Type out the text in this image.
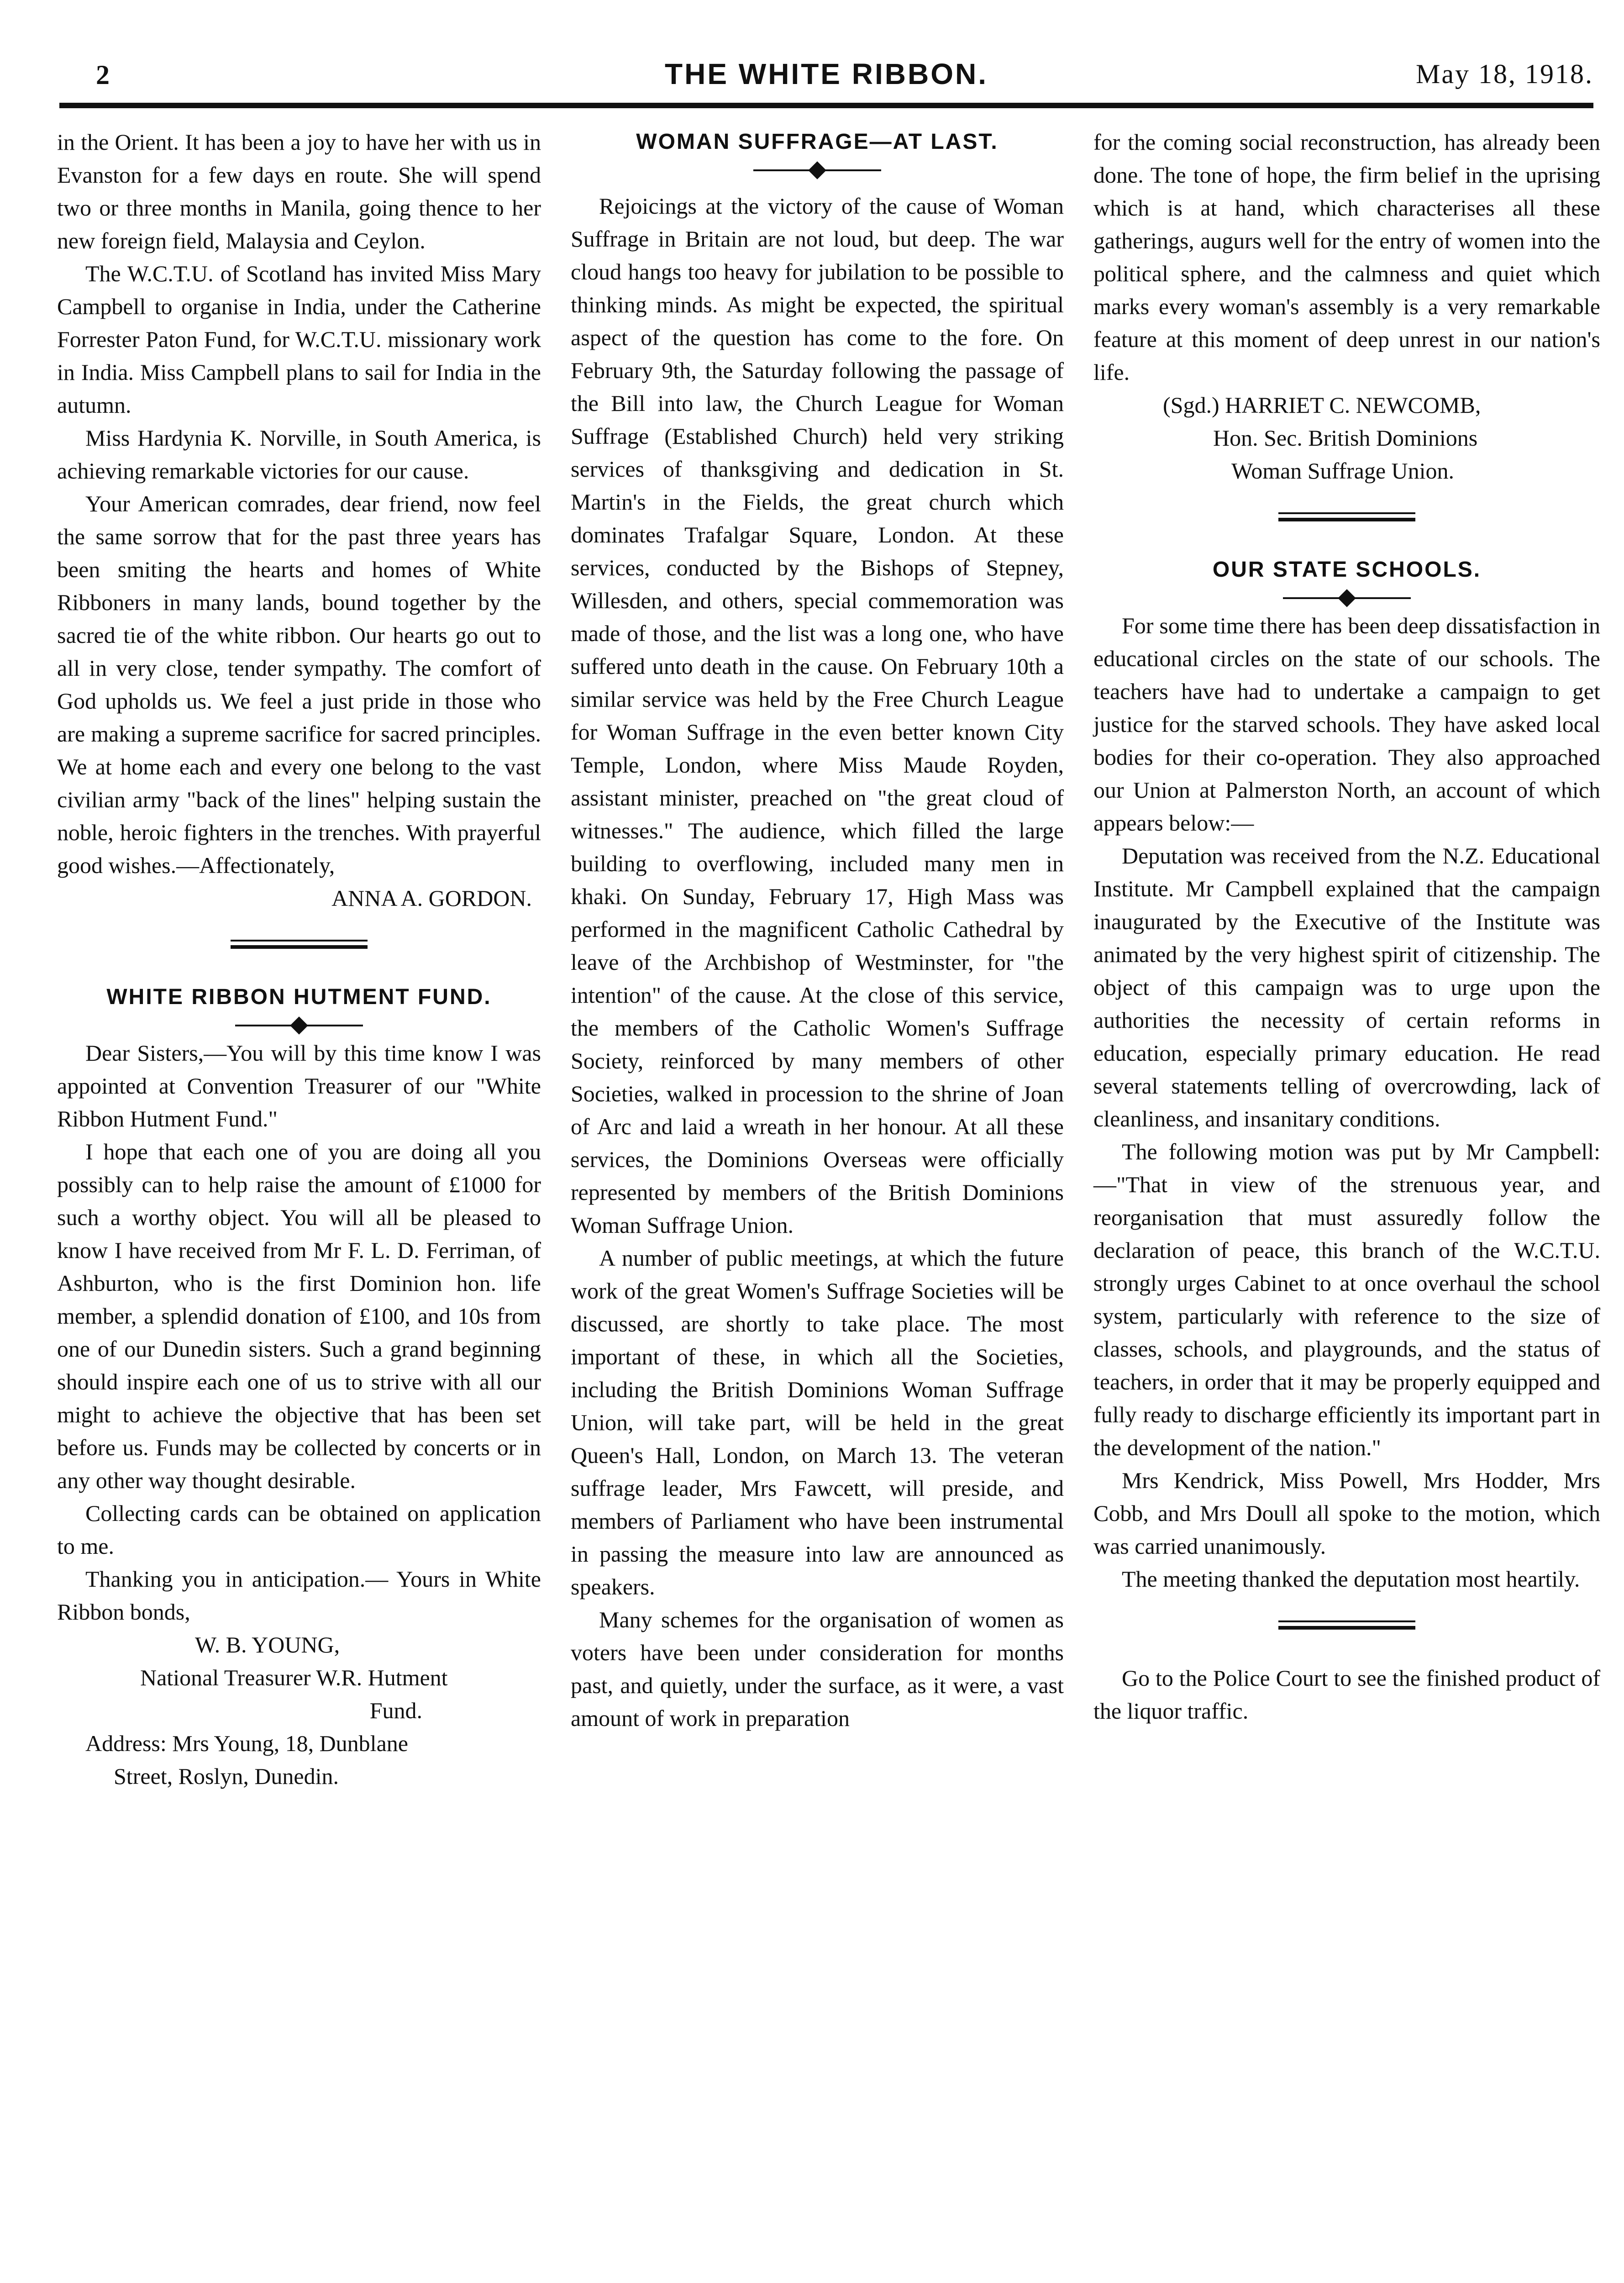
2	THE WHITE RIBBON.	May 18, 1918.

in the Orient. It has been a joy to have her with us in Evanston for a few days en route. She will spend two or three months in Manila, going thence to her new foreign field, Malaysia and Ceylon.

The W.C.T.U. of Scotland has invited Miss Mary Campbell to organise in India, under the Catherine Forrester Paton Fund, for W.C.T.U. missionary work in India. Miss Campbell plans to sail for India in the autumn.

Miss Hardynia K. Norville, in South America, is achieving remarkable victories for our cause.

Your American comrades, dear friend, now feel the same sorrow that for the past three years has been smiting the hearts and homes of White Ribboners in many lands, bound together by the sacred tie of the white ribbon. Our hearts go out to all in very close, tender sympathy. The comfort of God upholds us. We feel a just pride in those who are making a supreme sacrifice for sacred principles. We at home each and every one belong to the vast civilian army "back of the lines" helping sustain the noble, heroic fighters in the trenches. With prayerful good wishes.—Affectionately,

ANNA A. GORDON.

WHITE RIBBON HUTMENT FUND.

Dear Sisters,—You will by this time know I was appointed at Convention Treasurer of our "White Ribbon Hutment Fund."

I hope that each one of you are doing all you possibly can to help raise the amount of £1000 for such a worthy object. You will all be pleased to know I have received from Mr F. L. D. Ferriman, of Ashburton, who is the first Dominion hon. life member, a splendid donation of £100, and 10s from one of our Dunedin sisters. Such a grand beginning should inspire each one of us to strive with all our might to achieve the objective that has been set before us. Funds may be collected by concerts or in any other way thought desirable.

Collecting cards can be obtained on application to me.

Thanking you in anticipation.— Yours in White Ribbon bonds,

W. B. YOUNG,

National Treasurer W.R. Hutment

Fund.

Address: Mrs Young, 18, Dunblane

Street, Roslyn, Dunedin.

WOMAN SUFFRAGE—AT LAST.

Rejoicings at the victory of the cause of Woman Suffrage in Britain are not loud, but deep. The war cloud hangs too heavy for jubilation to be possible to thinking minds. As might be expected, the spiritual aspect of the question has come to the fore. On February 9th, the Saturday following the passage of the Bill into law, the Church League for Woman Suffrage (Established Church) held very striking services of thanksgiving and dedication in St. Martin's in the Fields, the great church which dominates Trafalgar Square, London. At these services, conducted by the Bishops of Stepney, Willesden, and others, special commemoration was made of those, and the list was a long one, who have suffered unto death in the cause. On February 10th a similar service was held by the Free Church League for Woman Suffrage in the even better known City Temple, London, where Miss Maude Royden, assistant minister, preached on "the great cloud of witnesses." The audience, which filled the large building to overflowing, included many men in khaki. On Sunday, February 17, High Mass was performed in the magnificent Catholic Cathedral by leave of the Archbishop of Westminster, for "the intention" of the cause. At the close of this service, the members of the Catholic Women's Suffrage Society, reinforced by many members of other Societies, walked in procession to the shrine of Joan of Arc and laid a wreath in her honour. At all these services, the Dominions Overseas were officially represented by members of the British Dominions Woman Suffrage Union.

A number of public meetings, at which the future work of the great Women's Suffrage Societies will be discussed, are shortly to take place. The most important of these, in which all the Societies, including the British Dominions Woman Suffrage Union, will take part, will be held in the great Queen's Hall, London, on March 13. The veteran suffrage leader, Mrs Fawcett, will preside, and members of Parliament who have been instrumental in passing the measure into law are announced as speakers.

Many schemes for the organisation of women as voters have been under consideration for months past, and quietly, under the surface, as it were, a vast amount of work in preparation

for the coming social reconstruction, has already been done. The tone of hope, the firm belief in the uprising which is at hand, which characterises all these gatherings, augurs well for the entry of women into the political sphere, and the calmness and quiet which marks every woman's assembly is a very remarkable feature at this moment of deep unrest in our nation's life.

(Sgd.) HARRIET C. NEWCOMB,

Hon. Sec. British Dominions

Woman Suffrage Union.

OUR STATE SCHOOLS.

For some time there has been deep dissatisfaction in educational circles on the state of our schools. The teachers have had to undertake a campaign to get justice for the starved schools. They have asked local bodies for their co-operation. They also approached our Union at Palmerston North, an account of which appears below:—

Deputation was received from the N.Z. Educational Institute. Mr Campbell explained that the campaign inaugurated by the Executive of the Institute was animated by the very highest spirit of citizenship. The object of this campaign was to urge upon the authorities the necessity of certain reforms in education, especially primary education. He read several statements telling of overcrowding, lack of cleanliness, and insanitary conditions.

The following motion was put by Mr Campbell:—"That in view of the strenuous year, and reorganisation that must assuredly follow the declaration of peace, this branch of the W.C.T.U. strongly urges Cabinet to at once overhaul the school system, particularly with reference to the size of classes, schools, and playgrounds, and the status of teachers, in order that it may be properly equipped and fully ready to discharge efficiently its important part in the development of the nation."

Mrs Kendrick, Miss Powell, Mrs Hodder, Mrs Cobb, and Mrs Doull all spoke to the motion, which was carried unanimously.

The meeting thanked the deputation most heartily.

Go to the Police Court to see the finished product of the liquor traffic.
